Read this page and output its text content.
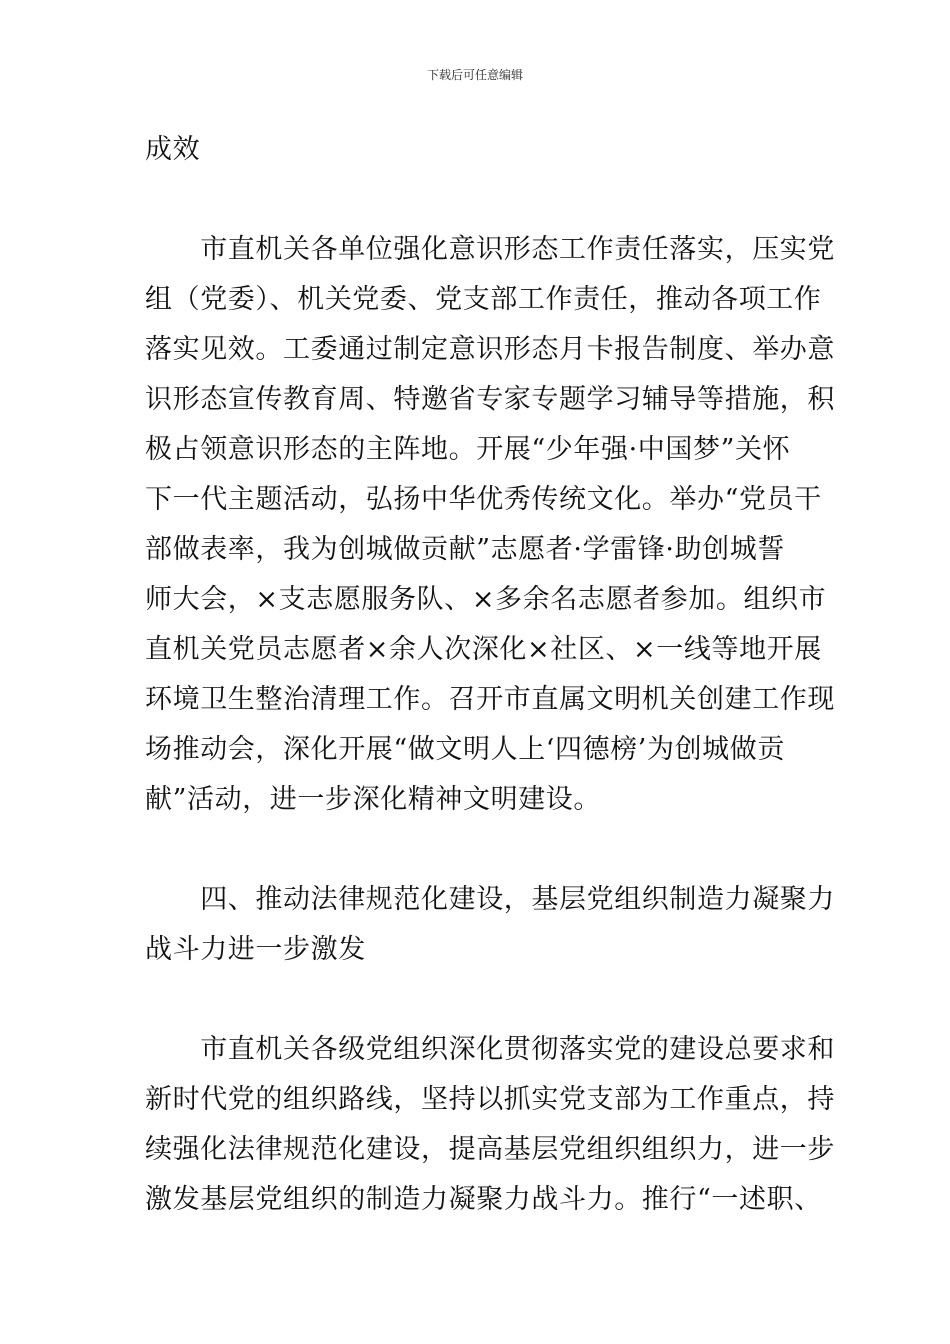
下载后可任意编辑
成效
　　市直机关各单位强化意识形态工作责任落实，压实党
组（党委）、机关党委、党支部工作责任，推动各项工作
落实见效。工委通过制定意识形态月卡报告制度、举办意
识形态宣传教育周、特邀省专家专题学习辅导等措施，积
极占领意识形态的主阵地。开展“少年强·中国梦”关怀
下一代主题活动，弘扬中华优秀传统文化。举办“党员干
部做表率，我为创城做贡献”志愿者·学雷锋·助创城誓
师大会，×支志愿服务队、×多余名志愿者参加。组织市
直机关党员志愿者×余人次深化×社区、×一线等地开展
环境卫生整治清理工作。召开市直属文明机关创建工作现
场推动会，深化开展“做文明人上‘四德榜’为创城做贡
献”活动，进一步深化精神文明建设。
　　四、推动法律规范化建设，基层党组织制造力凝聚力
战斗力进一步激发
　　市直机关各级党组织深化贯彻落实党的建设总要求和
新时代党的组织路线，坚持以抓实党支部为工作重点，持
续强化法律规范化建设，提高基层党组织组织力，进一步
激发基层党组织的制造力凝聚力战斗力。推行“一述职、
